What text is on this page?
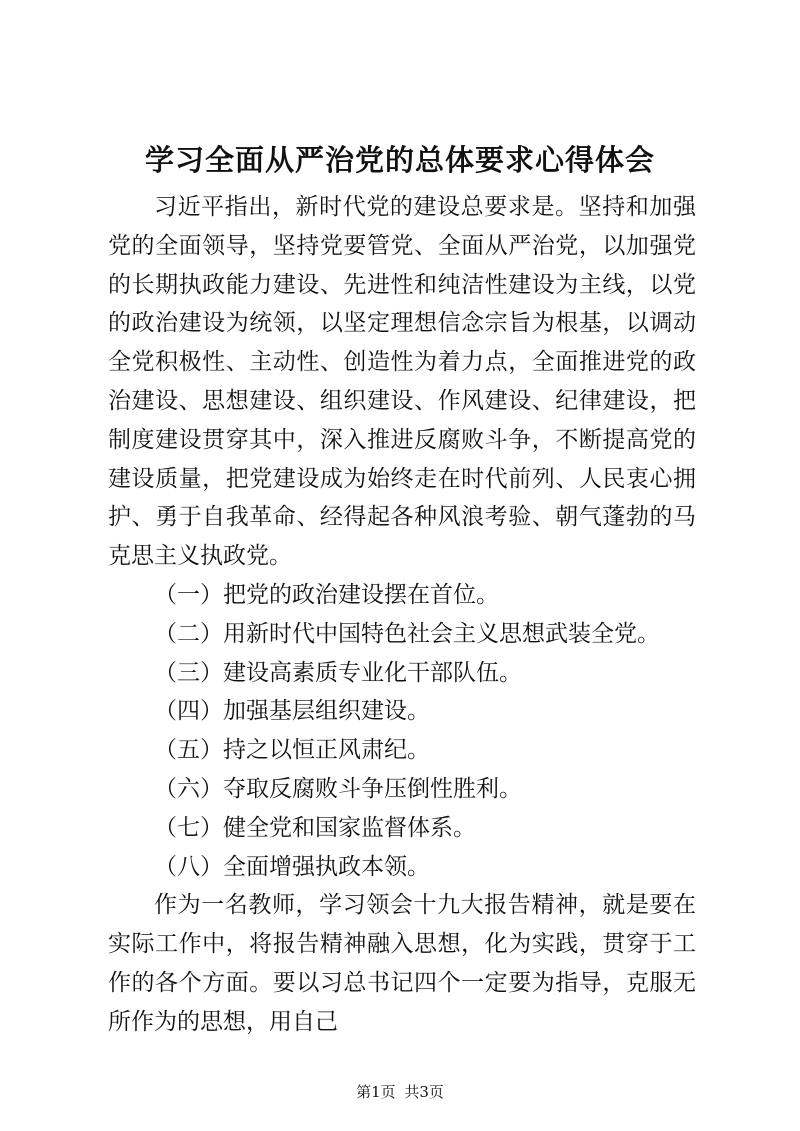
学习全面从严治党的总体要求心得体会

习近平指出，新时代党的建设总要求是。坚持和加强党的全面领导，坚持党要管党、全面从严治党，以加强党的长期执政能力建设、先进性和纯洁性建设为主线，以党的政治建设为统领，以坚定理想信念宗旨为根基，以调动全党积极性、主动性、创造性为着力点，全面推进党的政治建设、思想建设、组织建设、作风建设、纪律建设，把制度建设贯穿其中，深入推进反腐败斗争，不断提高党的建设质量，把党建设成为始终走在时代前列、人民衷心拥护、勇于自我革命、经得起各种风浪考验、朝气蓬勃的马克思主义执政党。

（一）把党的政治建设摆在首位。
（二）用新时代中国特色社会主义思想武装全党。
（三）建设高素质专业化干部队伍。
（四）加强基层组织建设。
（五）持之以恒正风肃纪。
（六）夺取反腐败斗争压倒性胜利。
（七）健全党和国家监督体系。
（八）全面增强执政本领。

作为一名教师，学习领会十九大报告精神，就是要在实际工作中，将报告精神融入思想，化为实践，贯穿于工作的各个方面。要以习总书记四个一定要为指导，克服无所作为的思想，用自己

第1页 共3页
